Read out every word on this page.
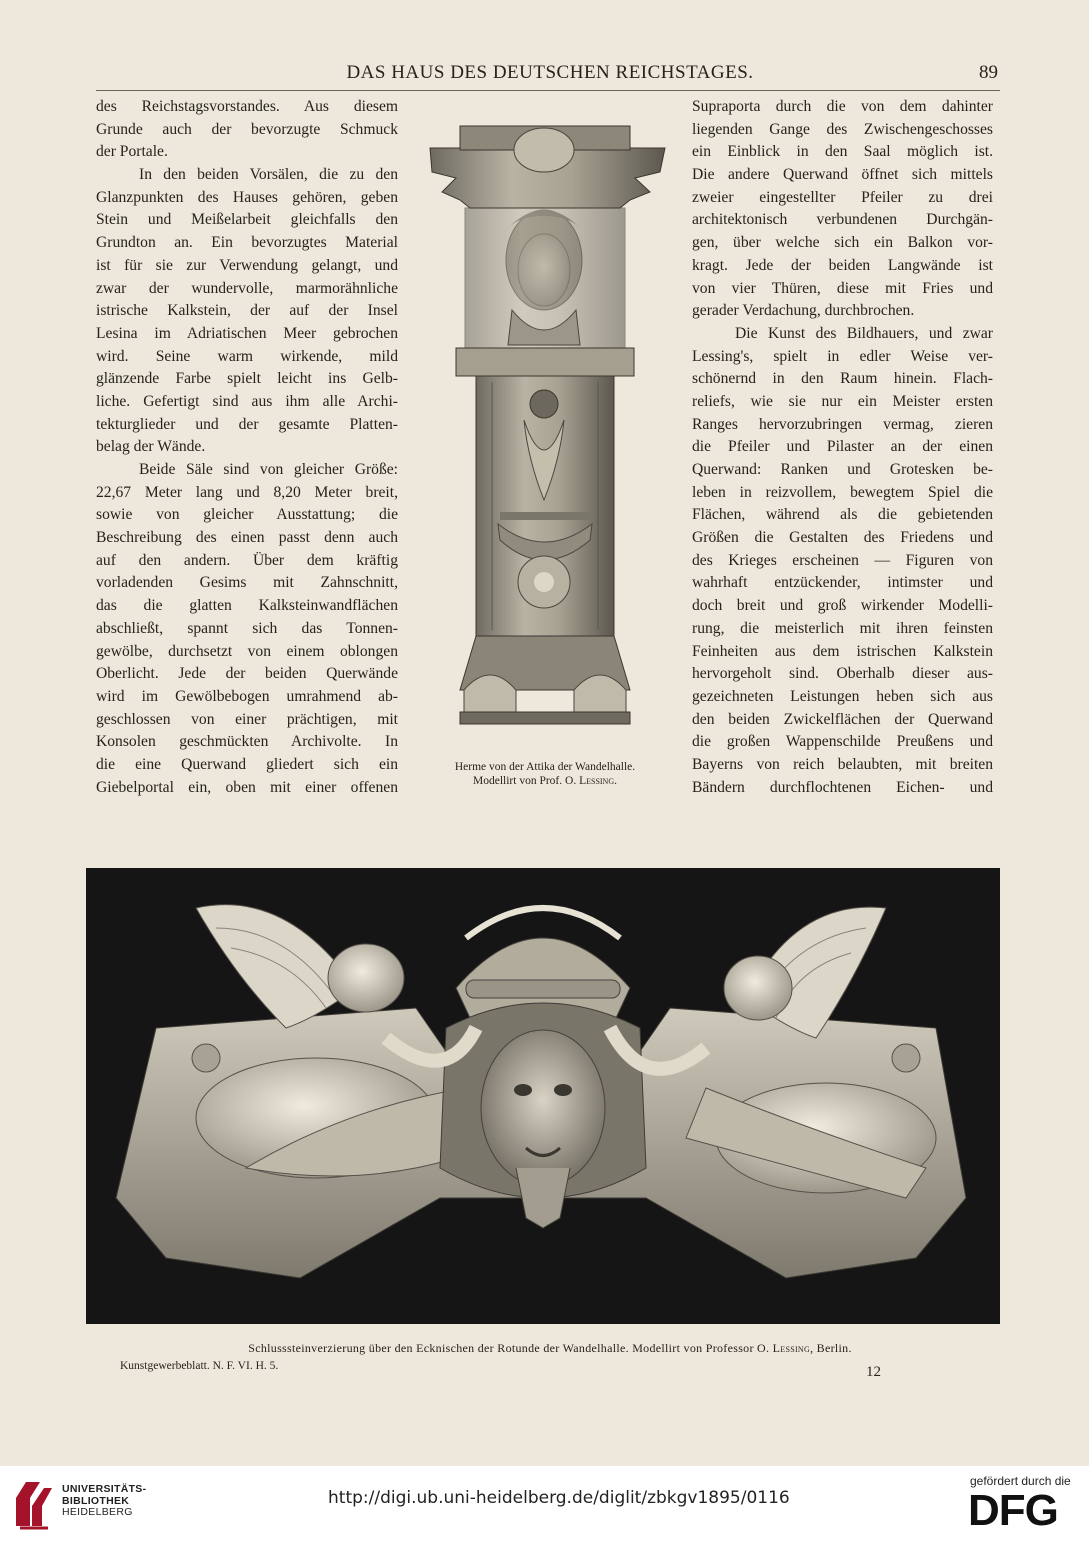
DAS HAUS DES DEUTSCHEN REICHSTAGES.	89
des Reichstagsvorstandes. Aus diesem
Grunde auch der bevorzugte Schmuck
der Portale.
In den beiden Vorsälen, die zu den
Glanzpunkten des Hauses gehören, geben
Stein und Meißelarbeit gleichfalls den
Grundton an. Ein bevorzugtes Material
ist für sie zur Verwendung gelangt, und
zwar der wundervolle, marmorähnliche
istrische Kalkstein, der auf der Insel
Lesina im Adriatischen Meer gebrochen
wird. Seine warm wirkende, mild
glänzende Farbe spielt leicht ins Gelb-
liche. Gefertigt sind aus ihm alle Archi-
tekturglieder und der gesamte Platten-
belag der Wände.
Beide Säle sind von gleicher Größe:
22,67 Meter lang und 8,20 Meter breit,
sowie von gleicher Ausstattung; die
Beschreibung des einen passt denn auch
auf den andern. Über dem kräftig
vorladenden Gesims mit Zahnschnitt,
das die glatten Kalksteinwandflächen
abschließt, spannt sich das Tonnen-
gewölbe, durchsetzt von einem oblongen
Oberlicht. Jede der beiden Querwände
wird im Gewölbebogen umrahmend ab-
geschlossen von einer prächtigen, mit
Konsolen geschmückten Archivolte. In
die eine Querwand gliedert sich ein
Giebelportal ein, oben mit einer offenen
Supraporta durch die von dem dahinter
liegenden Gange des Zwischengeschosses
ein Einblick in den Saal möglich ist.
Die andere Querwand öffnet sich mittels
zweier eingestellter Pfeiler zu drei
architektonisch verbundenen Durchgän-
gen, über welche sich ein Balkon vor-
kragt. Jede der beiden Langwände ist
von vier Thüren, diese mit Fries und
gerader Verdachung, durchbrochen.
Die Kunst des Bildhauers, und zwar
Lessing's, spielt in edler Weise ver-
schönernd in den Raum hinein. Flach-
reliefs, wie sie nur ein Meister ersten
Ranges hervorzubringen vermag, zieren
die Pfeiler und Pilaster an der einen
Querwand: Ranken und Grotesken be-
leben in reizvollem, bewegtem Spiel die
Flächen, während als die gebietenden
Größen die Gestalten des Friedens und
des Krieges erscheinen — Figuren von
wahrhaft entzückender, intimster und
doch breit und groß wirkender Modelli-
rung, die meisterlich mit ihren feinsten
Feinheiten aus dem istrischen Kalkstein
hervorgeholt sind. Oberhalb dieser aus-
gezeichneten Leistungen heben sich aus
den beiden Zwickelflächen der Querwand
die großen Wappenschilde Preußens und
Bayerns von reich belaubten, mit breiten
Bändern durchflochtenen Eichen- und
Herme von der Attika der Wandelhalle.
Modellirt von Prof. O. Lessing.
Schlusssteinverzierung über den Ecknischen der Rotunde der Wandelhalle. Modellirt von Professor O. Lessing, Berlin.
Kunstgewerbeblatt. N. F. VI. H. 5.	12
UNIVERSITÄTS-
BIBLIOTHEK
HEIDELBERG
http://digi.ub.uni-heidelberg.de/diglit/zbkgv1895/0116
gefördert durch die
DFG
